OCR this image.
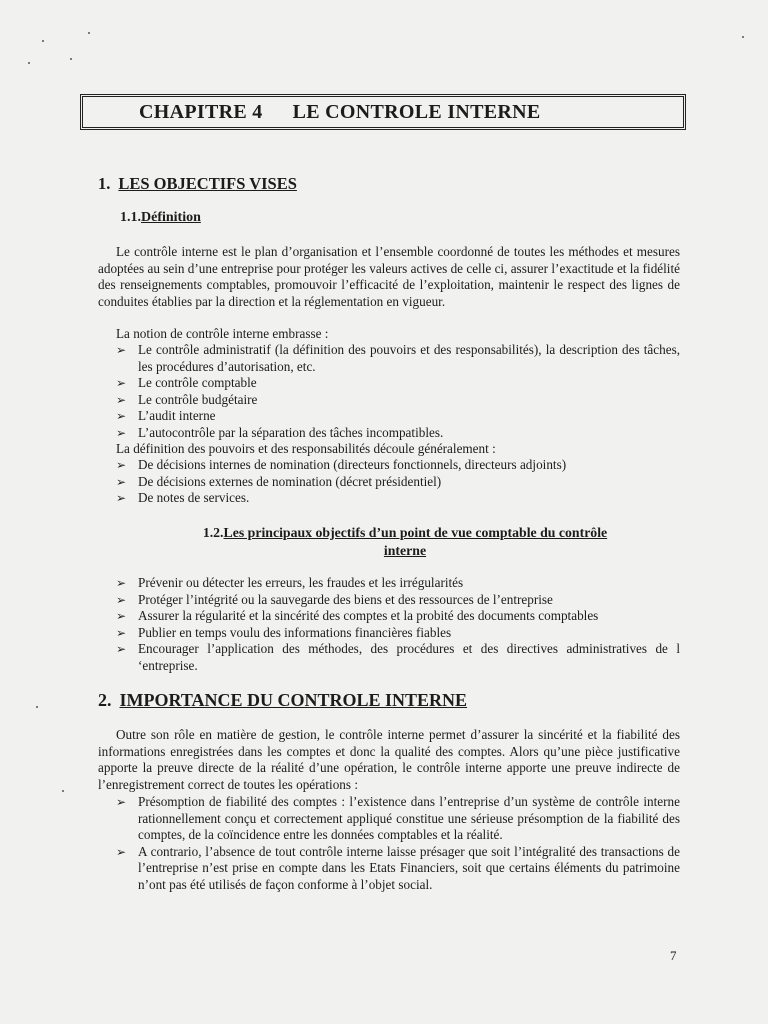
CHAPITRE 4 LE CONTROLE INTERNE
1. LES OBJECTIFS VISES
1.1.Définition

Le contrôle interne est le plan d’organisation et l’ensemble coordonné de toutes les méthodes et mesures adoptées au sein d’une entreprise pour protéger les valeurs actives de celle ci, assurer l’exactitude et la fidélité des renseignements comptables, promouvoir l’efficacité de l’exploitation, maintenir le respect des lignes de conduites établies par la direction et la réglementation en vigueur.

La notion de contrôle interne embrasse :
➢ Le contrôle administratif (la définition des pouvoirs et des responsabilités), la description des tâches, les procédures d’autorisation, etc.
➢ Le contrôle comptable
➢ Le contrôle budgétaire
➢ L’audit interne
➢ L’autocontrôle par la séparation des tâches incompatibles.
La définition des pouvoirs et des responsabilités découle généralement :
➢ De décisions internes de nomination (directeurs fonctionnels, directeurs adjoints)
➢ De décisions externes de nomination (décret présidentiel)
➢ De notes de services.
1.2.Les principaux objectifs d’un point de vue comptable du contrôle
interne
➢ Prévenir ou détecter les erreurs, les fraudes et les irrégularités
➢ Protéger l’intégrité ou la sauvegarde des biens et des ressources de l’entreprise
➢ Assurer la régularité et la sincérité des comptes et la probité des documents comptables
➢ Publier en temps voulu des informations financières fiables
➢ Encourager l’application des méthodes, des procédures et des directives administratives de l ‘entreprise.
2. IMPORTANCE DU CONTROLE INTERNE

Outre son rôle en matière de gestion, le contrôle interne permet d’assurer la sincérité et la fiabilité des informations enregistrées dans les comptes et donc la qualité des comptes. Alors qu’une pièce justificative apporte la preuve directe de la réalité d’une opération, le contrôle interne apporte une preuve indirecte de l’enregistrement correct de toutes les opérations :

➢ Présomption de fiabilité des comptes : l’existence dans l’entreprise d’un système de contrôle interne rationnellement conçu et correctement appliqué constitue une sérieuse présomption de la fiabilité des comptes, de la coïncidence entre les données comptables et la réalité.
➢ A contrario, l’absence de tout contrôle interne laisse présager que soit l’intégralité des transactions de l’entreprise n’est prise en compte dans les Etats Financiers, soit que certains éléments du patrimoine n’ont pas été utilisés de façon conforme à l’objet social.
7
